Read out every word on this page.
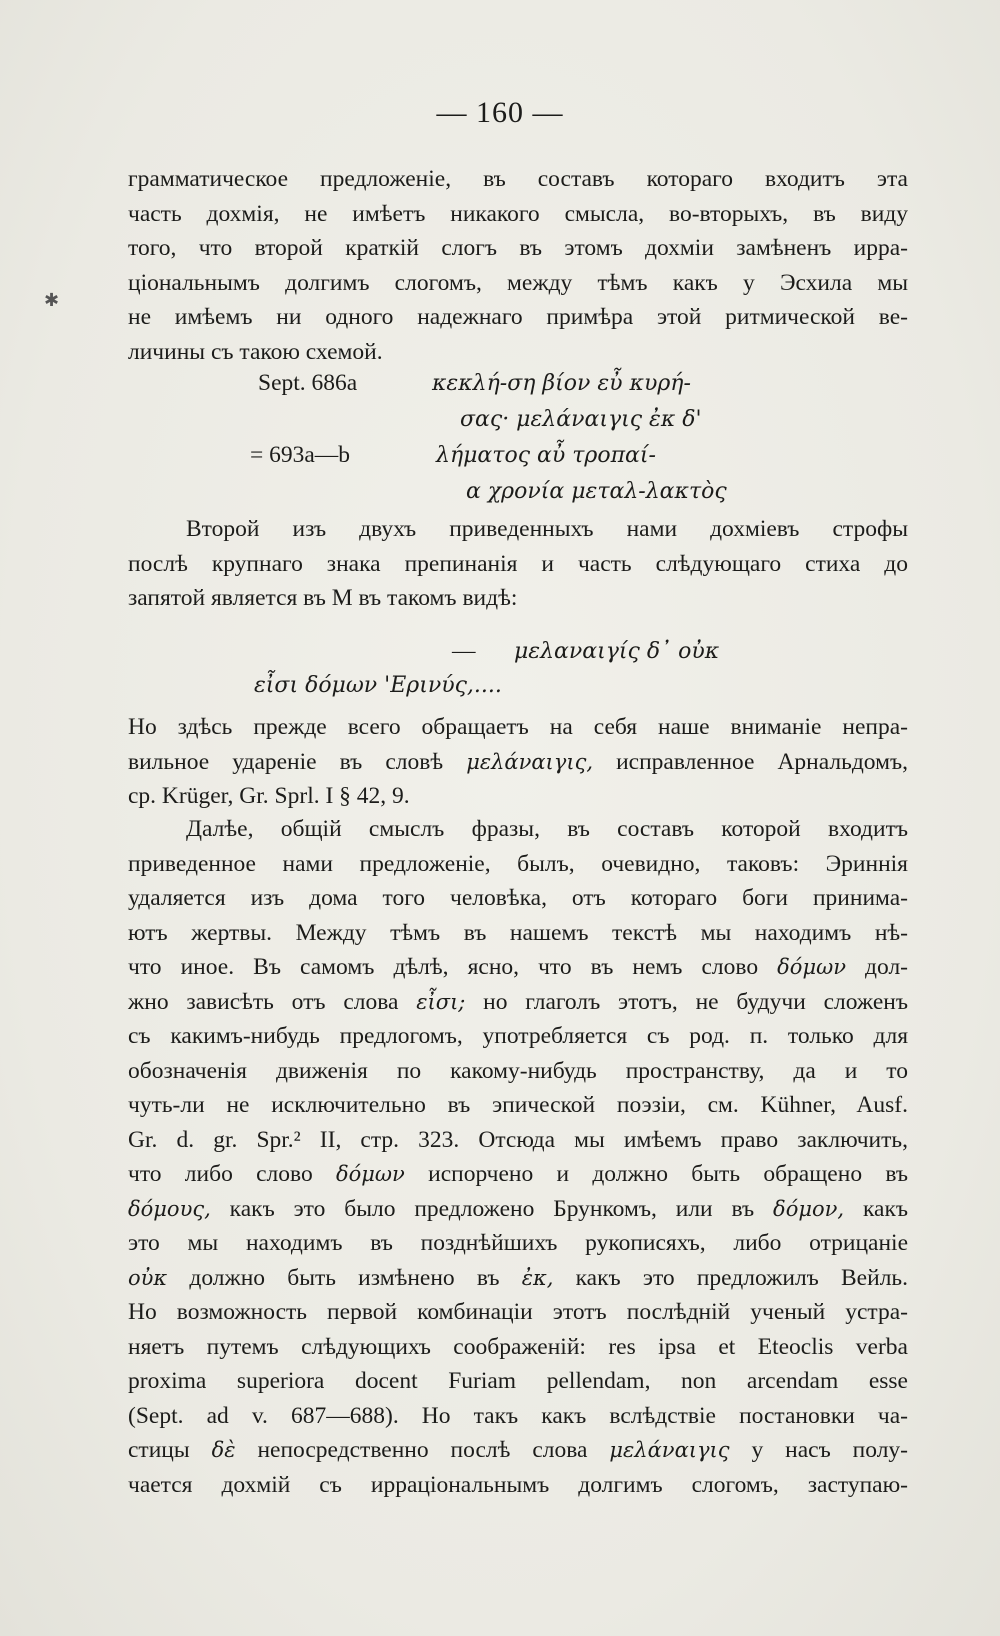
✱
— 160 —
грамматическое предложеніе, въ составъ котораго входитъ эта
часть дохмія, не имѣетъ никакого смысла, во-вторыхъ, въ виду
того, что второй краткій слогъ въ этомъ дохміи замѣненъ ирра-
ціональнымъ долгимъ слогомъ, между тѣмъ какъ у Эсхила мы
не имѣемъ ни одного надежнаго примѣра этой ритмической ве-
личины съ такою схемой.
Sept. 686a	κεκλή-ση βίον εὖ κυρή-
σας· μελάναιγις ἐκ δ'
= 693a—b	λήματος αὖ τροπαί-
α χρονία μεταλ-λακτὸς
Второй изъ двухъ приведенныхъ нами дохміевъ строфы
послѣ крупнаго знака препинанія и часть слѣдующаго стиха до
запятой является въ M въ такомъ видѣ:
— μελαναιγίς δ᾿ οὐκ
εἶσι δόμων 'Ερινύς,....
Но здѣсь прежде всего обращаетъ на себя наше вниманіе непра-
вильное удареніе въ словѣ μελάναιγις, исправленное Арнальдомъ,
ср. Krüger, Gr. Sprl. I § 42, 9.
Далѣе, общій смыслъ фразы, въ составъ которой входитъ
приведенное нами предложеніе, былъ, очевидно, таковъ: Эриннія
удаляется изъ дома того человѣка, отъ котораго боги принима-
ютъ жертвы. Между тѣмъ въ нашемъ текстѣ мы находимъ нѣ-
что иное. Въ самомъ дѣлѣ, ясно, что въ немъ слово δόμων дол-
жно зависѣть отъ слова εἶσι; но глаголъ этотъ, не будучи сложенъ
съ какимъ-нибудь предлогомъ, употребляется съ род. п. только для
обозначенія движенія по какому-нибудь пространству, да и то
чуть-ли не исключительно въ эпической поэзіи, см. Kühner, Ausf.
Gr. d. gr. Spr.² II, стр. 323. Отсюда мы имѣемъ право заключить,
что либо слово δόμων испорчено и должно быть обращено въ
δόμους, какъ это было предложено Брункомъ, или въ δόμον, какъ
это мы находимъ въ позднѣйшихъ рукописяхъ, либо отрицаніе
οὐκ должно быть измѣнено въ ἐκ, какъ это предложилъ Вейль.
Но возможность первой комбинаціи этотъ послѣдній ученый устра-
няетъ путемъ слѣдующихъ соображеній: res ipsa et Eteoclis verba
proxima superiora docent Furiam pellendam, non arcendam esse
(Sept. ad v. 687—688). Но такъ какъ вслѣдствіе постановки ча-
стицы δὲ непосредственно послѣ слова μελάναιγις у насъ полу-
чается дохмій съ ирраціональнымъ долгимъ слогомъ, заступаю-
